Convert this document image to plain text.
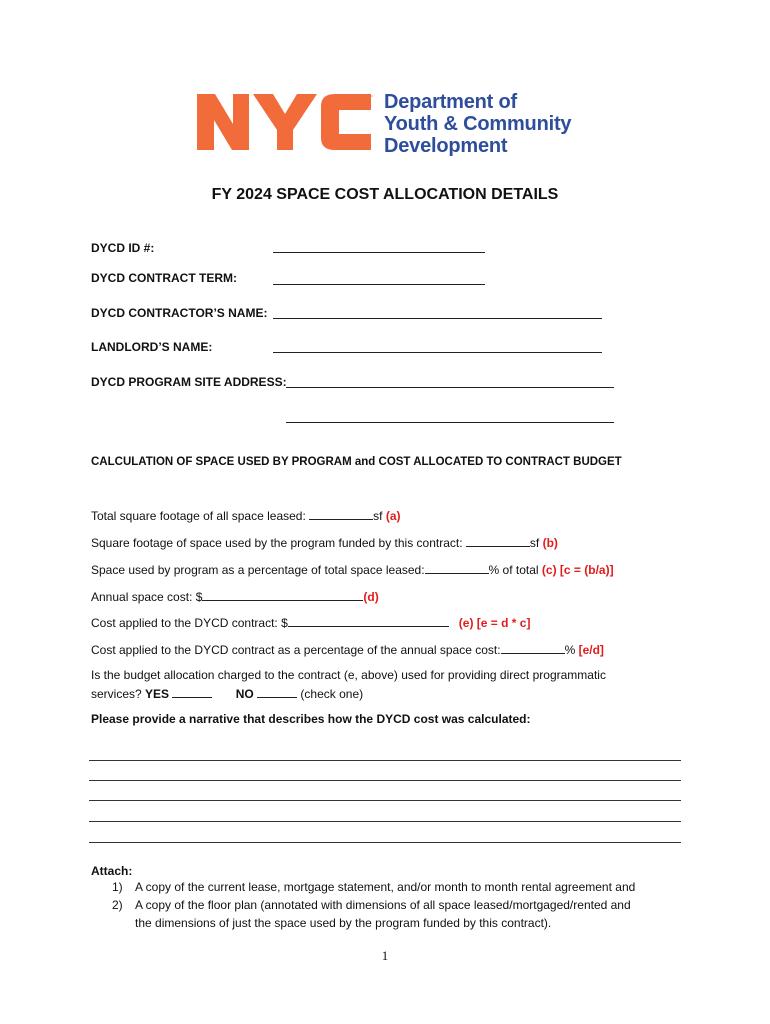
™ Department of
Youth & Community
Development
FY 2024 SPACE COST ALLOCATION DETAILS
DYCD ID #:
DYCD CONTRACT TERM:
DYCD CONTRACTOR’S NAME:
LANDLORD’S NAME:
DYCD PROGRAM SITE ADDRESS:
CALCULATION OF SPACE USED BY PROGRAM and COST ALLOCATED TO CONTRACT BUDGET
Total square footage of all space leased:	sf (a)
Square footage of space used by the program funded by this contract:	sf (b)
Space used by program as a percentage of total space leased:	% of total (c) [c = (b/a)]
Annual space cost: $	(d)
Cost applied to the DYCD contract: $	(e) [e = d * c]
Cost applied to the DYCD contract as a percentage of the annual space cost:	% [e/d]
Is the budget allocation charged to the contract (e, above) used for providing direct programmatic
services? YES	NO	(check one)
Please provide a narrative that describes how the DYCD cost was calculated:
Attach:
1) A copy of the current lease, mortgage statement, and/or month to month rental agreement and
2) A copy of the floor plan (annotated with dimensions of all space leased/mortgaged/rented and
the dimensions of just the space used by the program funded by this contract).
1
